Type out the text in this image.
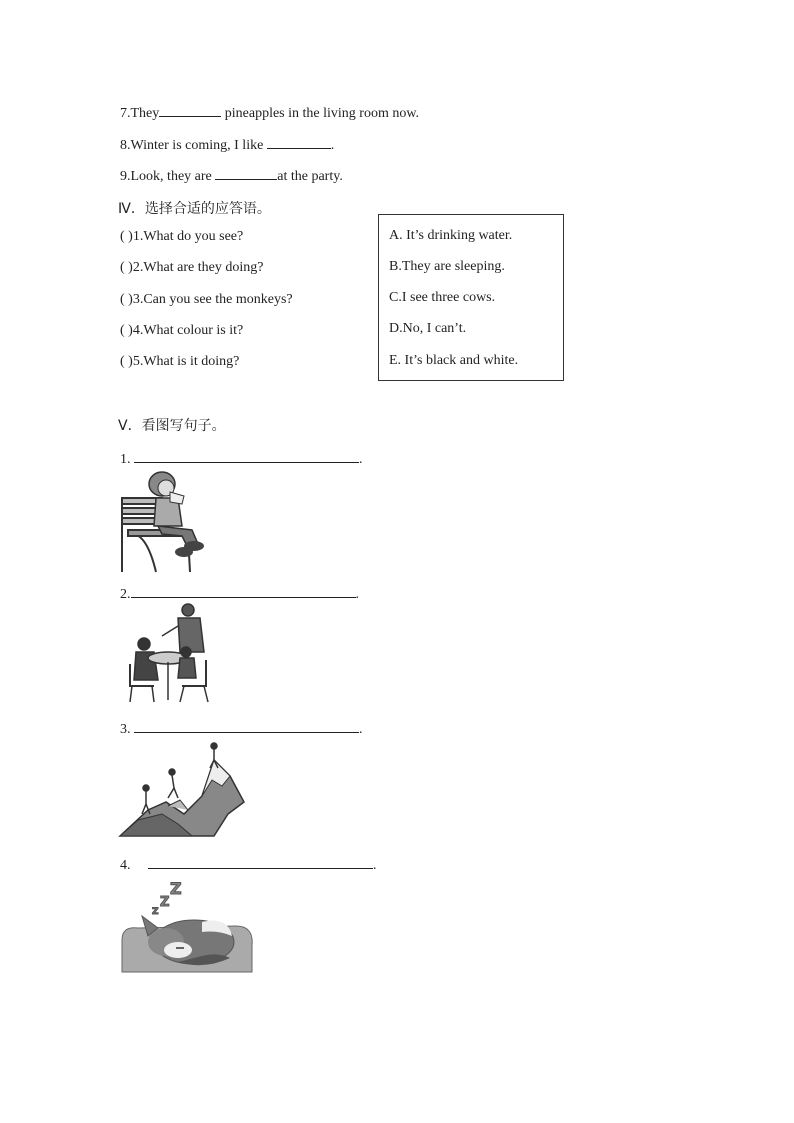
7.They	pineapples in the living room now.
8.Winter is coming, I like	.
9.Look, they are	at the party.
Ⅳ．选择合适的应答语。
( )1.What do you see?
( )2.What are they doing?
( )3.Can you see the monkeys?
( )4.What colour is it?
( )5.What is it doing?
A. It’s drinking water.
B.They are sleeping.
C.I see three cows.
D.No, I can’t.
E. It’s black and white.
Ⅴ．看图写句子。
1.	.
2.	.
3.	.
4.	.
Z
Z
Z
